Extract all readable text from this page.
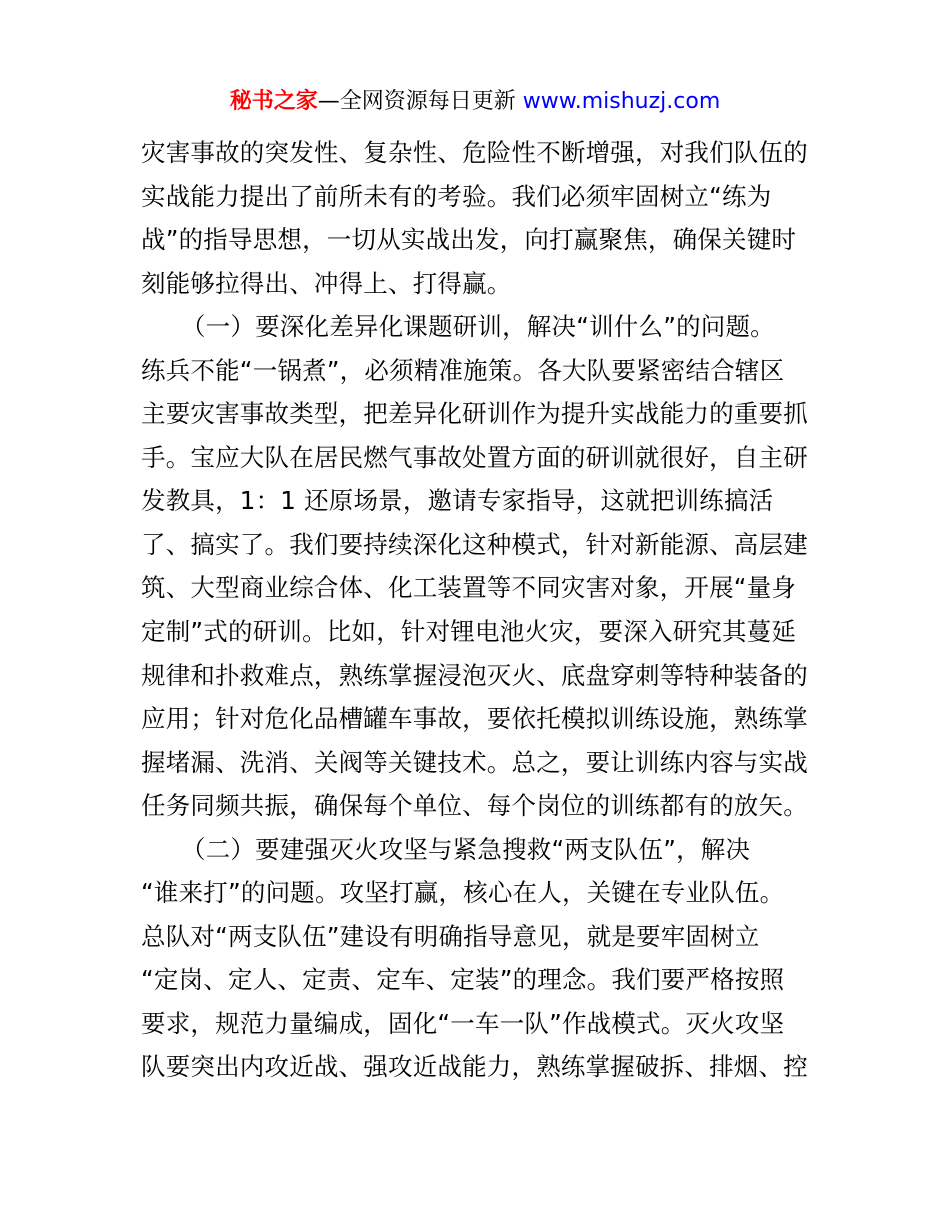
秘书之家—全网资源每日更新 www.mishuzj.com
灾害事故的突发性、复杂性、危险性不断增强，对我们队伍的
实战能力提出了前所未有的考验。我们必须牢固树立“练为
战”的指导思想，一切从实战出发，向打赢聚焦，确保关键时
刻能够拉得出、冲得上、打得赢。
（一）要深化差异化课题研训，解决“训什么”的问题。
练兵不能“一锅煮”，必须精准施策。各大队要紧密结合辖区
主要灾害事故类型，把差异化研训作为提升实战能力的重要抓
手。宝应大队在居民燃气事故处置方面的研训就很好，自主研
发教具，1：1 还原场景，邀请专家指导，这就把训练搞活
了、搞实了。我们要持续深化这种模式，针对新能源、高层建
筑、大型商业综合体、化工装置等不同灾害对象，开展“量身
定制”式的研训。比如，针对锂电池火灾，要深入研究其蔓延
规律和扑救难点，熟练掌握浸泡灭火、底盘穿刺等特种装备的
应用；针对危化品槽罐车事故，要依托模拟训练设施，熟练掌
握堵漏、洗消、关阀等关键技术。总之，要让训练内容与实战
任务同频共振，确保每个单位、每个岗位的训练都有的放矢。
（二）要建强灭火攻坚与紧急搜救“两支队伍”，解决
“谁来打”的问题。攻坚打赢，核心在人，关键在专业队伍。
总队对“两支队伍”建设有明确指导意见，就是要牢固树立
“定岗、定人、定责、定车、定装”的理念。我们要严格按照
要求，规范力量编成，固化“一车一队”作战模式。灭火攻坚
队要突出内攻近战、强攻近战能力，熟练掌握破拆、排烟、控
